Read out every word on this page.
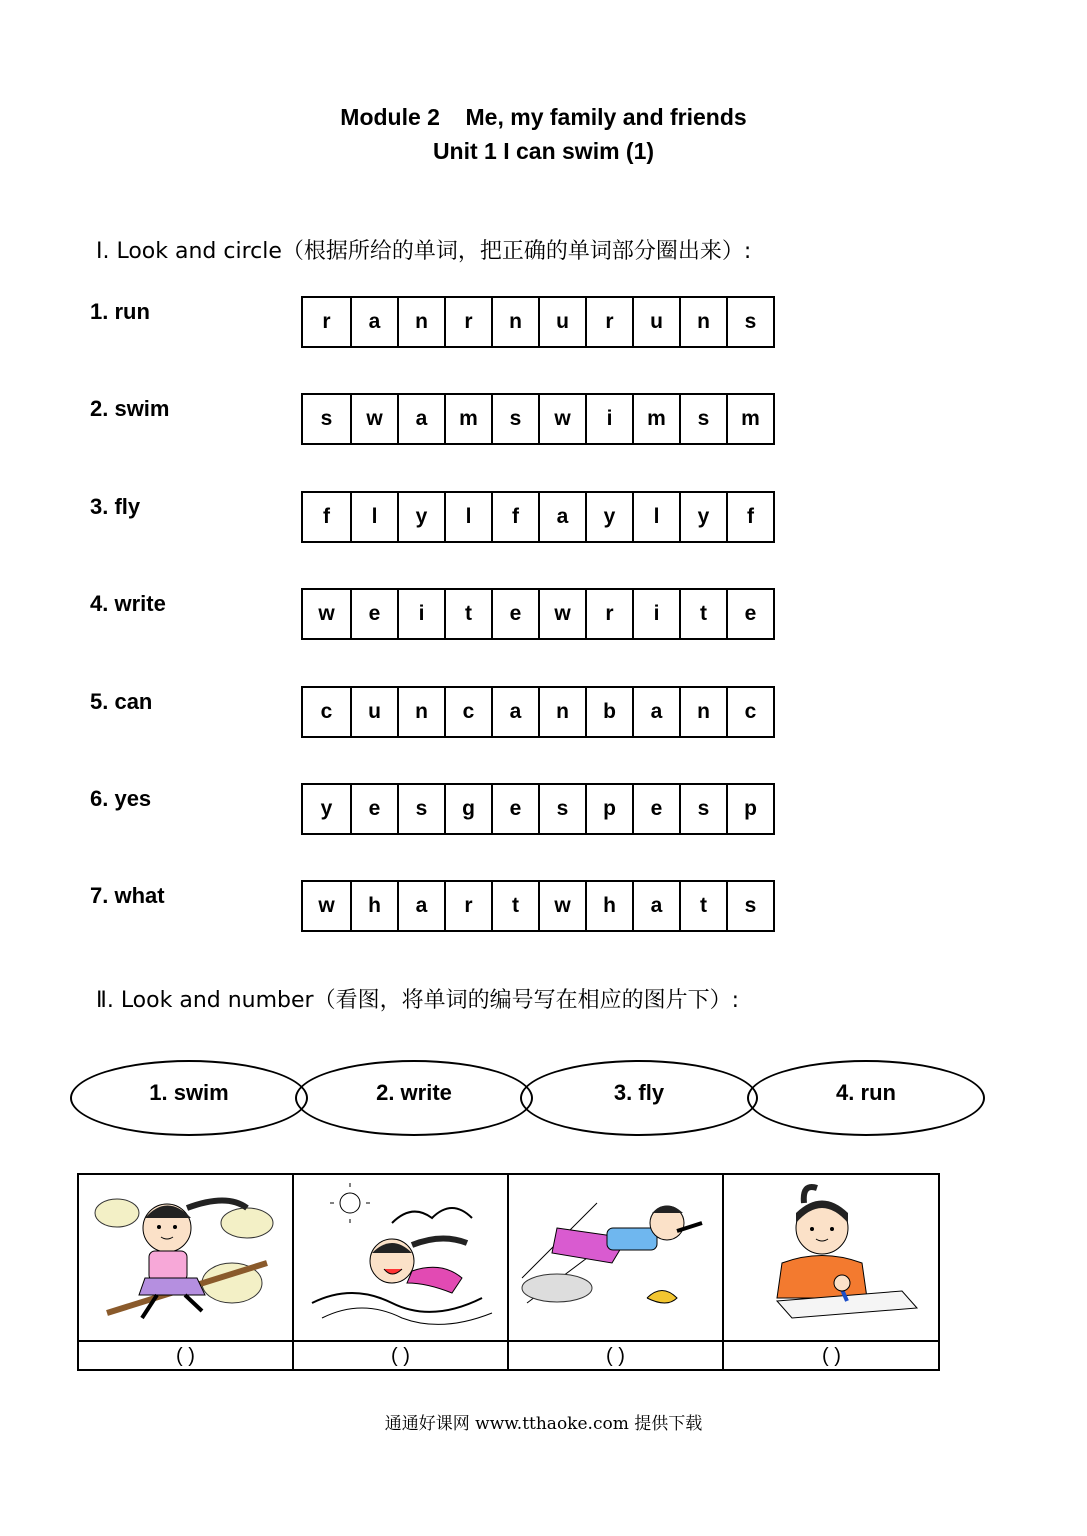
Module 2    Me, my family and friends
Unit 1 I can swim (1)
Ⅰ. Look and circle（根据所给的单词，把正确的单词部分圈出来）:
1. run	r	a	n	r	n	u	r	u	n	s
2. swim	s	w	a	m	s	w	i	m	s	m
3. fly	f	l	y	l	f	a	y	l	y	f
4. write	w	e	i	t	e	w	r	i	t	e
5. can	c	u	n	c	a	n	b	a	n	c
6. yes	y	e	s	g	e	s	p	e	s	p
7. what	w	h	a	r	t	w	h	a	t	s
Ⅱ. Look and number（看图，将单词的编号写在相应的图片下）:
1. swim	2. write	3. fly	4. run
( )	( )	( )	( )
通通好课网 www.tthaoke.com 提供下载
